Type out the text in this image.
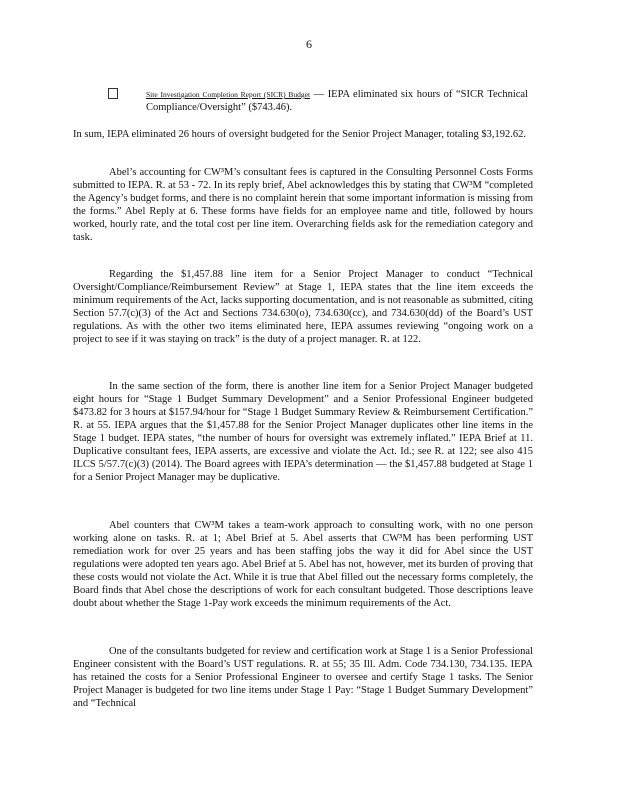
6
Site Investigation Completion Report (SICR) Budget — IEPA eliminated six hours of “SICR Technical Compliance/Oversight” ($743.46).

In sum, IEPA eliminated 26 hours of oversight budgeted for the Senior Project Manager, totaling $3,192.62.

Abel’s accounting for CW³M’s consultant fees is captured in the Consulting Personnel Costs Forms submitted to IEPA. R. at 53 - 72. In its reply brief, Abel acknowledges this by stating that CW³M “completed the Agency’s budget forms, and there is no complaint herein that some important information is missing from the forms.” Abel Reply at 6. These forms have fields for an employee name and title, followed by hours worked, hourly rate, and the total cost per line item. Overarching fields ask for the remediation category and task.

Regarding the $1,457.88 line item for a Senior Project Manager to conduct “Technical Oversight/Compliance/Reimbursement Review” at Stage 1, IEPA states that the line item exceeds the minimum requirements of the Act, lacks supporting documentation, and is not reasonable as submitted, citing Section 57.7(c)(3) of the Act and Sections 734.630(o), 734.630(cc), and 734.630(dd) of the Board’s UST regulations. As with the other two items eliminated here, IEPA assumes reviewing “ongoing work on a project to see if it was staying on track” is the duty of a project manager. R. at 122.

In the same section of the form, there is another line item for a Senior Project Manager budgeted eight hours for “Stage 1 Budget Summary Development” and a Senior Professional Engineer budgeted $473.82 for 3 hours at $157.94/hour for “Stage 1 Budget Summary Review & Reimbursement Certification.” R. at 55. IEPA argues that the $1,457.88 for the Senior Project Manager duplicates other line items in the Stage 1 budget. IEPA states, “the number of hours for oversight was extremely inflated.” IEPA Brief at 11. Duplicative consultant fees, IEPA asserts, are excessive and violate the Act. Id.; see R. at 122; see also 415 ILCS 5/57.7(c)(3) (2014). The Board agrees with IEPA’s determination — the $1,457.88 budgeted at Stage 1 for a Senior Project Manager may be duplicative.

Abel counters that CW³M takes a team-work approach to consulting work, with no one person working alone on tasks. R. at 1; Abel Brief at 5. Abel asserts that CW³M has been performing UST remediation work for over 25 years and has been staffing jobs the way it did for Abel since the UST regulations were adopted ten years ago. Abel Brief at 5. Abel has not, however, met its burden of proving that these costs would not violate the Act. While it is true that Abel filled out the necessary forms completely, the Board finds that Abel chose the descriptions of work for each consultant budgeted. Those descriptions leave doubt about whether the Stage 1-Pay work exceeds the minimum requirements of the Act.

One of the consultants budgeted for review and certification work at Stage 1 is a Senior Professional Engineer consistent with the Board’s UST regulations. R. at 55; 35 Ill. Adm. Code 734.130, 734.135. IEPA has retained the costs for a Senior Professional Engineer to oversee and certify Stage 1 tasks. The Senior Project Manager is budgeted for two line items under Stage 1 Pay: “Stage 1 Budget Summary Development” and “Technical
